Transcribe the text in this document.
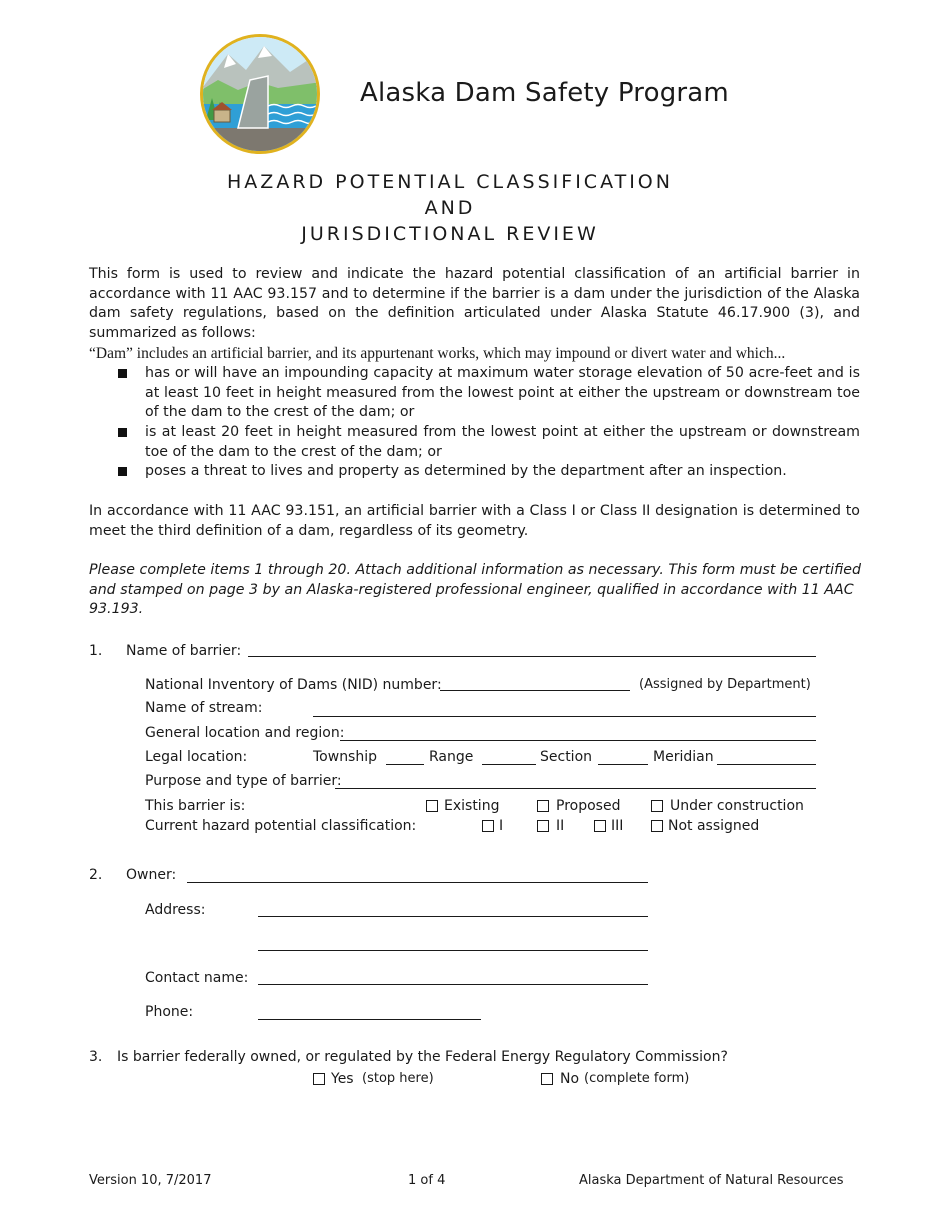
Alaska Dam Safety Program
HAZARD POTENTIAL CLASSIFICATION
AND
JURISDICTIONAL REVIEW
This form is used to review and indicate the hazard potential classification of an artificial barrier in accordance with 11 AAC 93.157 and to determine if the barrier is a dam under the jurisdiction of the Alaska dam safety regulations, based on the definition articulated under Alaska Statute 46.17.900 (3), and summarized as follows:
“Dam” includes an artificial barrier, and its appurtenant works, which may impound or divert water and which...
has or will have an impounding capacity at maximum water storage elevation of 50 acre-feet and is at least 10 feet in height measured from the lowest point at either the upstream or downstream toe of the dam to the crest of the dam; or
is at least 20 feet in height measured from the lowest point at either the upstream or downstream toe of the dam to the crest of the dam; or
poses a threat to lives and property as determined by the department after an inspection.
In accordance with 11 AAC 93.151, an artificial barrier with a Class I or Class II designation is determined to meet the third definition of a dam, regardless of its geometry.
Please complete items 1 through 20. Attach additional information as necessary. This form must be certified and stamped on page 3 by an Alaska-registered professional engineer, qualified in accordance with 11 AAC 93.193.
1. Name of barrier:
National Inventory of Dams (NID) number:	(Assigned by Department)
Name of stream:
General location and region:
Legal location:	Township	Range	Section	Meridian
Purpose and type of barrier:
This barrier is:	Existing	Proposed	Under construction
Current hazard potential classification:	I	II	III	Not assigned
2. Owner:
Address:
Contact name:
Phone:
3. Is barrier federally owned, or regulated by the Federal Energy Regulatory Commission?
Yes (stop here)	No (complete form)
Version 10, 7/2017	1 of 4	Alaska Department of Natural Resources
